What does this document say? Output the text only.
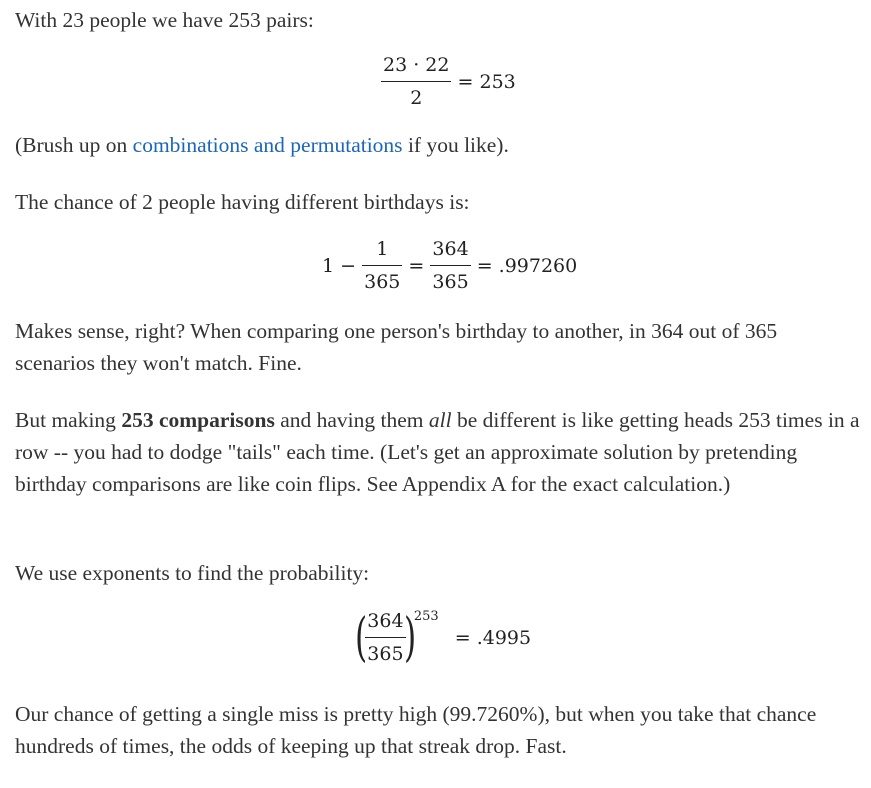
With 23 people we have 253 pairs:

$\frac{23 \cdot 22}{2} = 253$

(Brush up on combinations and permutations if you like).

The chance of 2 people having different birthdays is:

$1 - \frac{1}{365} = \frac{364}{365} = .997260$

Makes sense, right? When comparing one person's birthday to another, in 364 out of 365 scenarios they won't match. Fine.

But making 253 comparisons and having them all be different is like getting heads 253 times in a row -- you had to dodge "tails" each time. (Let's get an approximate solution by pretending birthday comparisons are like coin flips. See Appendix A for the exact calculation.)

We use exponents to find the probability:

(
$\frac{364}{365}$
)253 = .4995

Our chance of getting a single miss is pretty high (99.7260%), but when you take that chance hundreds of times, the odds of keeping up that streak drop. Fast.
